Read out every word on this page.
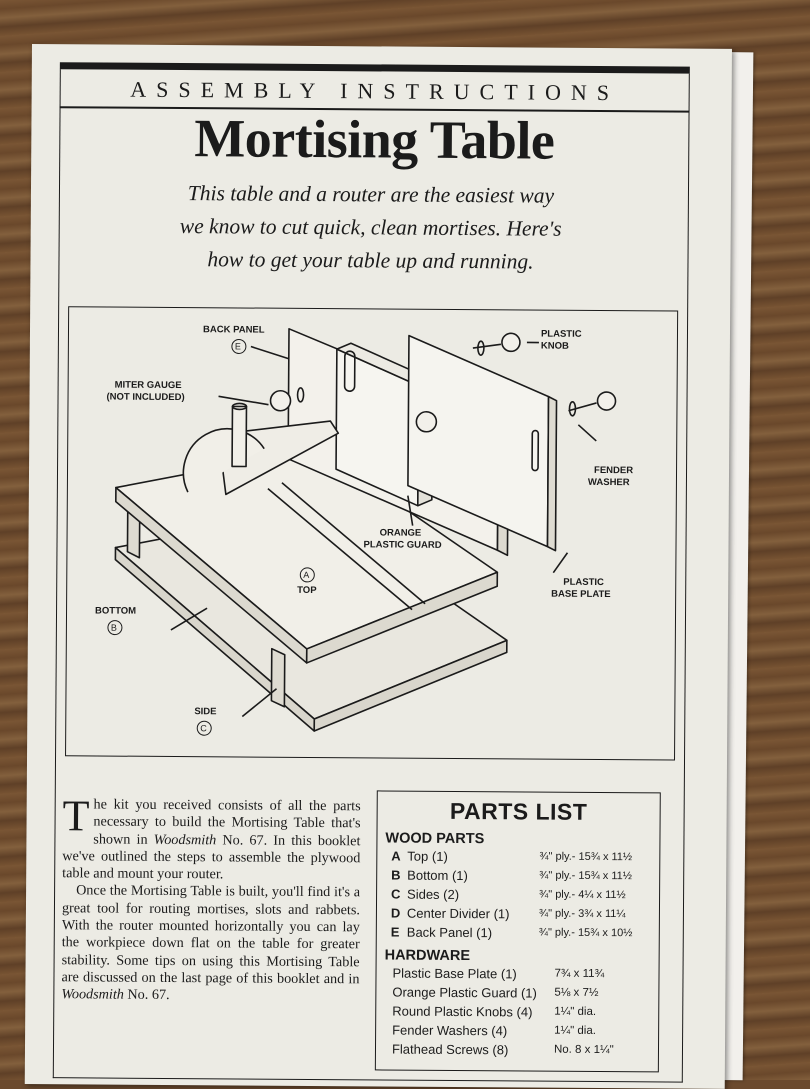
ASSEMBLY INSTRUCTIONS
Mortising Table
This table and a router are the easiest way
we know to cut quick, clean mortises. Here's
how to get your table up and running.
BACK PANEL
E
PLASTIC
KNOB
MITER GAUGE
(NOT INCLUDED)
FENDER
WASHER
ORANGE
PLASTIC GUARD
A
TOP
PLASTIC
BASE PLATE
BOTTOM
B
SIDE
C

The kit you received consists of all the parts necessary to build the Mortising Table that's shown in Woodsmith No. 67. In this booklet we've outlined the steps to assemble the plywood table and mount your router.

Once the Mortising Table is built, you'll find it's a great tool for routing mortises, slots and rabbets. With the router mounted horizontally you can lay the workpiece down flat on the table for greater stability. Some tips on using this Mortising Table are discussed on the last page of this booklet and in Woodsmith No. 67.

PARTS LIST
WOOD PARTS
A Top (1)	¾" ply.- 15¾ x 11½
B Bottom (1)	¾" ply.- 15¾ x 11½
C Sides (2)	¾" ply.- 4¼ x 11½
D Center Divider (1)	¾" ply.- 3¾ x 11¼
E Back Panel (1)	¾" ply.- 15¾ x 10½
HARDWARE
Plastic Base Plate (1)	7¾ x 11¾
Orange Plastic Guard (1)	5⅛ x 7½
Round Plastic Knobs (4)	1¼" dia.
Fender Washers (4)	1¼" dia.
Flathead Screws (8)	No. 8 x 1¼"
